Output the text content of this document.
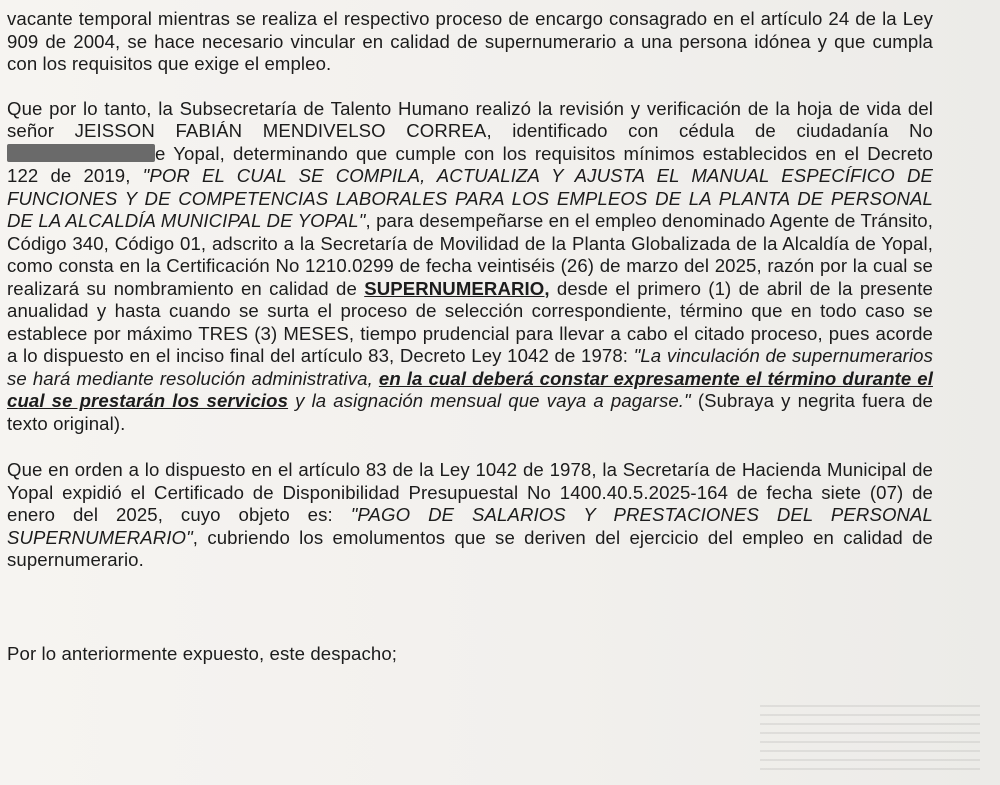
vacante temporal mientras se realiza el respectivo proceso de encargo consagrado en el artículo 24 de la Ley 909 de 2004, se hace necesario vincular en calidad de supernumerario a una persona idónea y que cumpla con los requisitos que exige el empleo.

Que por lo tanto, la Subsecretaría de Talento Humano realizó la revisión y verificación de la hoja de vida del señor JEISSON FABIÁN MENDIVELSO CORREA, identificado con cédula de ciudadanía No e Yopal, determinando que cumple con los requisitos mínimos establecidos en el Decreto 122 de 2019, "POR EL CUAL SE COMPILA, ACTUALIZA Y AJUSTA EL MANUAL ESPECÍFICO DE FUNCIONES Y DE COMPETENCIAS LABORALES PARA LOS EMPLEOS DE LA PLANTA DE PERSONAL DE LA ALCALDÍA MUNICIPAL DE YOPAL", para desempeñarse en el empleo denominado Agente de Tránsito, Código 340, Código 01, adscrito a la Secretaría de Movilidad de la Planta Globalizada de la Alcaldía de Yopal, como consta en la Certificación No 1210.0299 de fecha veintiséis (26) de marzo del 2025, razón por la cual se realizará su nombramiento en calidad de SUPERNUMERARIO, desde el primero (1) de abril de la presente anualidad y hasta cuando se surta el proceso de selección correspondiente, término que en todo caso se establece por máximo TRES (3) MESES, tiempo prudencial para llevar a cabo el citado proceso, pues acorde a lo dispuesto en el inciso final del artículo 83, Decreto Ley 1042 de 1978: "La vinculación de supernumerarios se hará mediante resolución administrativa, en la cual deberá constar expresamente el término durante el cual se prestarán los servicios y la asignación mensual que vaya a pagarse." (Subraya y negrita fuera de texto original).

Que en orden a lo dispuesto en el artículo 83 de la Ley 1042 de 1978, la Secretaría de Hacienda Municipal de Yopal expidió el Certificado de Disponibilidad Presupuestal No 1400.40.5.2025-164 de fecha siete (07) de enero del 2025, cuyo objeto es: "PAGO DE SALARIOS Y PRESTACIONES DEL PERSONAL SUPERNUMERARIO", cubriendo los emolumentos que se deriven del ejercicio del empleo en calidad de supernumerario.

Por lo anteriormente expuesto, este despacho;
